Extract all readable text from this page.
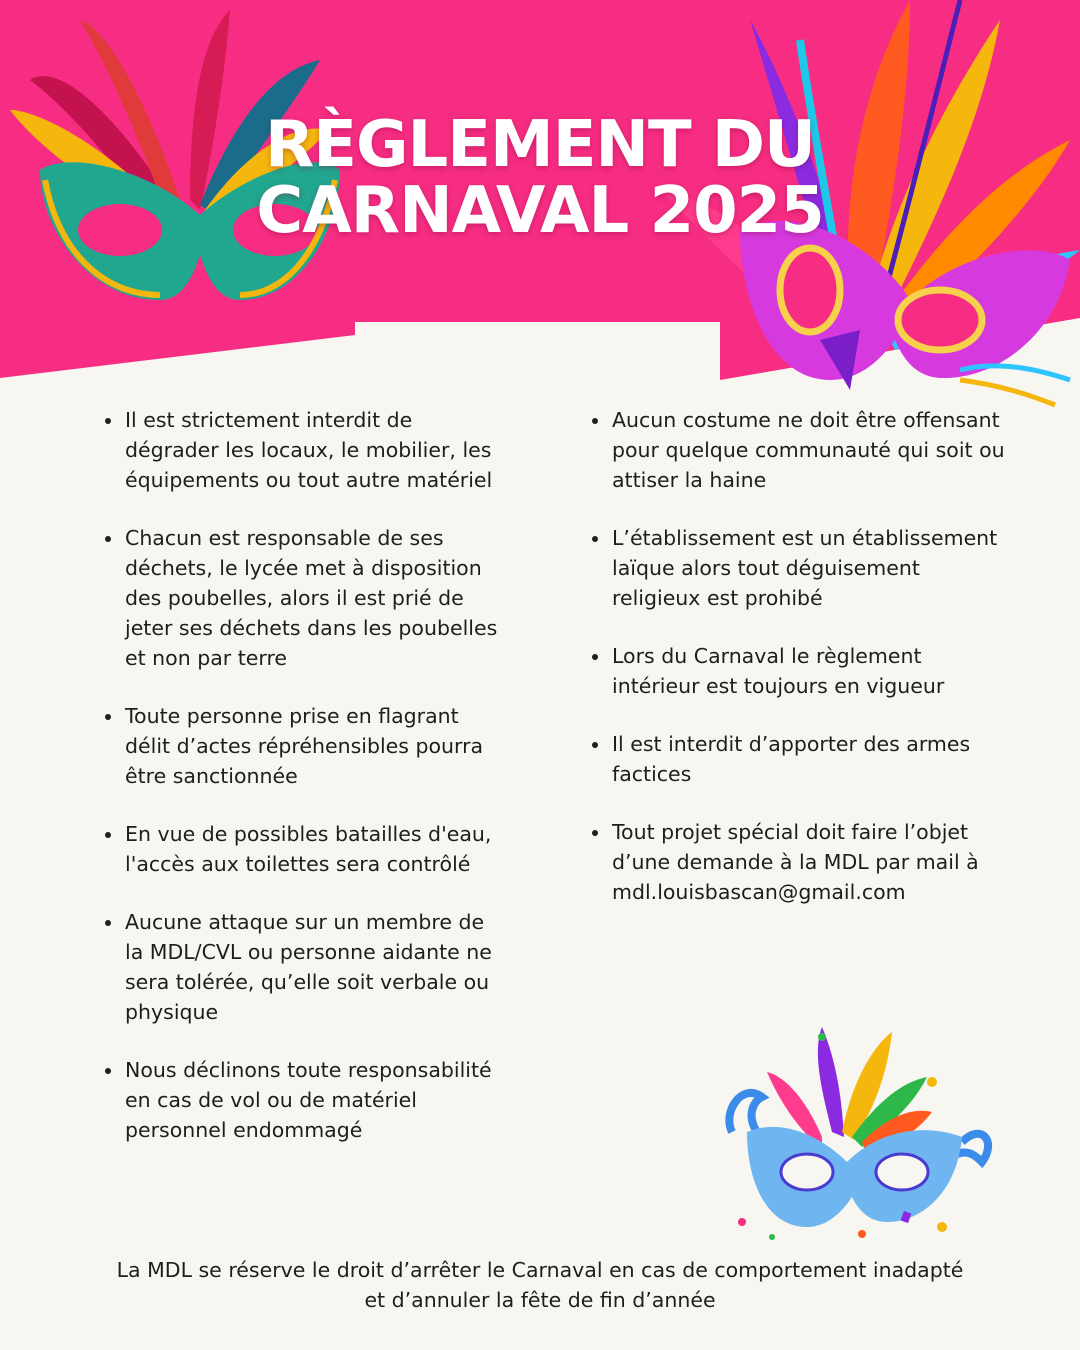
RÈGLEMENT DU
CARNAVAL 2025
Il est strictement interdit de dégrader les locaux, le mobilier, les équipements ou tout autre matériel
Chacun est responsable de ses déchets, le lycée met à disposition des poubelles, alors il est prié de jeter ses déchets dans les poubelles et non par terre
Toute personne prise en flagrant délit d’actes répréhensibles pourra être sanctionnée
En vue de possibles batailles d'eau, l'accès aux toilettes sera contrôlé
Aucune attaque sur un membre de la MDL/CVL ou personne aidante ne sera tolérée, qu’elle soit verbale ou physique
Nous déclinons toute responsabilité en cas de vol ou de matériel personnel endommagé
Aucun costume ne doit être offensant pour quelque communauté qui soit ou attiser la haine
L’établissement est un établissement laïque alors tout déguisement religieux est prohibé
Lors du Carnaval le règlement intérieur est toujours en vigueur
Il est interdit d’apporter des armes factices
Tout projet spécial doit faire l’objet d’une demande à la MDL par mail à mdl.louisbascan@gmail.com
La MDL se réserve le droit d’arrêter le Carnaval en cas de comportement inadapté
et d’annuler la fête de fin d’année
